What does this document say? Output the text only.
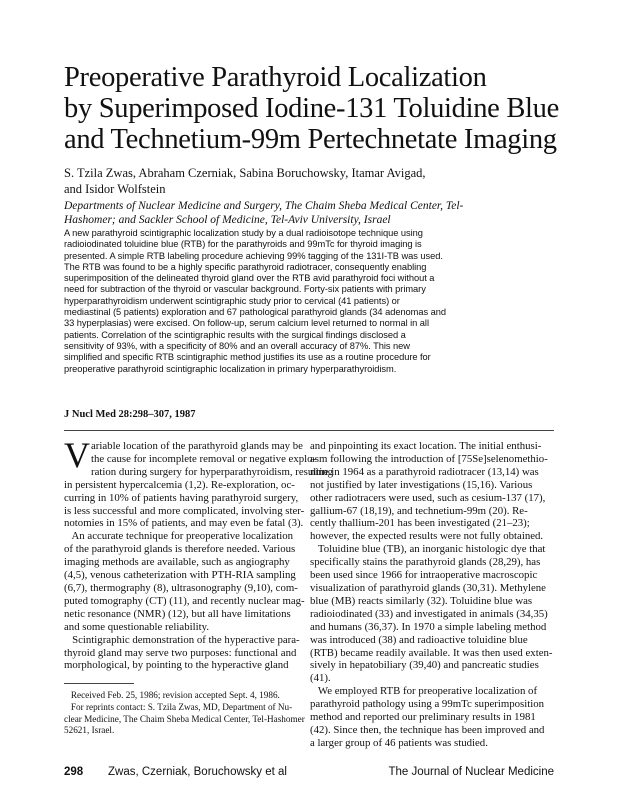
Preoperative Parathyroid Localization
by Superimposed Iodine-131 Toluidine Blue
and Technetium-99m Pertechnetate Imaging
S. Tzila Zwas, Abraham Czerniak, Sabina Boruchowsky, Itamar Avigad,
and Isidor Wolfstein
Departments of Nuclear Medicine and Surgery, The Chaim Sheba Medical Center, Tel-
Hashomer; and Sackler School of Medicine, Tel-Aviv University, Israel
A new parathyroid scintigraphic localization study by a dual radioisotope technique using
radioiodinated toluidine blue (RTB) for the parathyroids and 99mTc for thyroid imaging is
presented. A simple RTB labeling procedure achieving 99% tagging of the 131I-TB was used.
The RTB was found to be a highly specific parathyroid radiotracer, consequently enabling
superimposition of the delineated thyroid gland over the RTB avid parathyroid foci without a
need for subtraction of the thyroid or vascular background. Forty-six patients with primary
hyperparathyroidism underwent scintigraphic study prior to cervical (41 patients) or
mediastinal (5 patients) exploration and 67 pathological parathyroid glands (34 adenomas and
33 hyperplasias) were excised. On follow-up, serum calcium level returned to normal in all
patients. Correlation of the scintigraphic results with the surgical findings disclosed a
sensitivity of 93%, with a specificity of 80% and an overall accuracy of 87%. This new
simplified and specific RTB scintigraphic method justifies its use as a routine procedure for
preoperative parathyroid scintigraphic localization in primary hyperparathyroidism.
J Nucl Med 28:298–307, 1987
V ariable location of the parathyroid glands may be
the cause for incomplete removal or negative explo-
ration during surgery for hyperparathyroidism, resulting
in persistent hypercalcemia (1,2). Re-exploration, oc-
curring in 10% of patients having parathyroid surgery,
is less successful and more complicated, involving ster-
notomies in 15% of patients, and may even be fatal (3).
An accurate technique for preoperative localization
of the parathyroid glands is therefore needed. Various
imaging methods are available, such as angiography
(4,5), venous catheterization with PTH-RIA sampling
(6,7), thermography (8), ultrasonography (9,10), com-
puted tomography (CT) (11), and recently nuclear mag-
netic resonance (NMR) (12), but all have limitations
and some questionable reliability.
Scintigraphic demonstration of the hyperactive para-
thyroid gland may serve two purposes: functional and
morphological, by pointing to the hyperactive gland
and pinpointing its exact location. The initial enthusi-
asm following the introduction of [75Se]selenomethio-
nine in 1964 as a parathyroid radiotracer (13,14) was
not justified by later investigations (15,16). Various
other radiotracers were used, such as cesium-137 (17),
gallium-67 (18,19), and technetium-99m (20). Re-
cently thallium-201 has been investigated (21–23);
however, the expected results were not fully obtained.
Toluidine blue (TB), an inorganic histologic dye that
specifically stains the parathyroid glands (28,29), has
been used since 1966 for intraoperative macroscopic
visualization of parathyroid glands (30,31). Methylene
blue (MB) reacts similarly (32). Toluidine blue was
radioiodinated (33) and investigated in animals (34,35)
and humans (36,37). In 1970 a simple labeling method
was introduced (38) and radioactive toluidine blue
(RTB) became readily available. It was then used exten-
sively in hepatobiliary (39,40) and pancreatic studies
(41).
We employed RTB for preoperative localization of
parathyroid pathology using a 99mTc superimposition
method and reported our preliminary results in 1981
(42). Since then, the technique has been improved and
a larger group of 46 patients was studied.
Received Feb. 25, 1986; revision accepted Sept. 4, 1986.
For reprints contact: S. Tzila Zwas, MD, Department of Nu-
clear Medicine, The Chaim Sheba Medical Center, Tel-Hashomer
52621, Israel.
298 Zwas, Czerniak, Boruchowsky et al	The Journal of Nuclear Medicine
